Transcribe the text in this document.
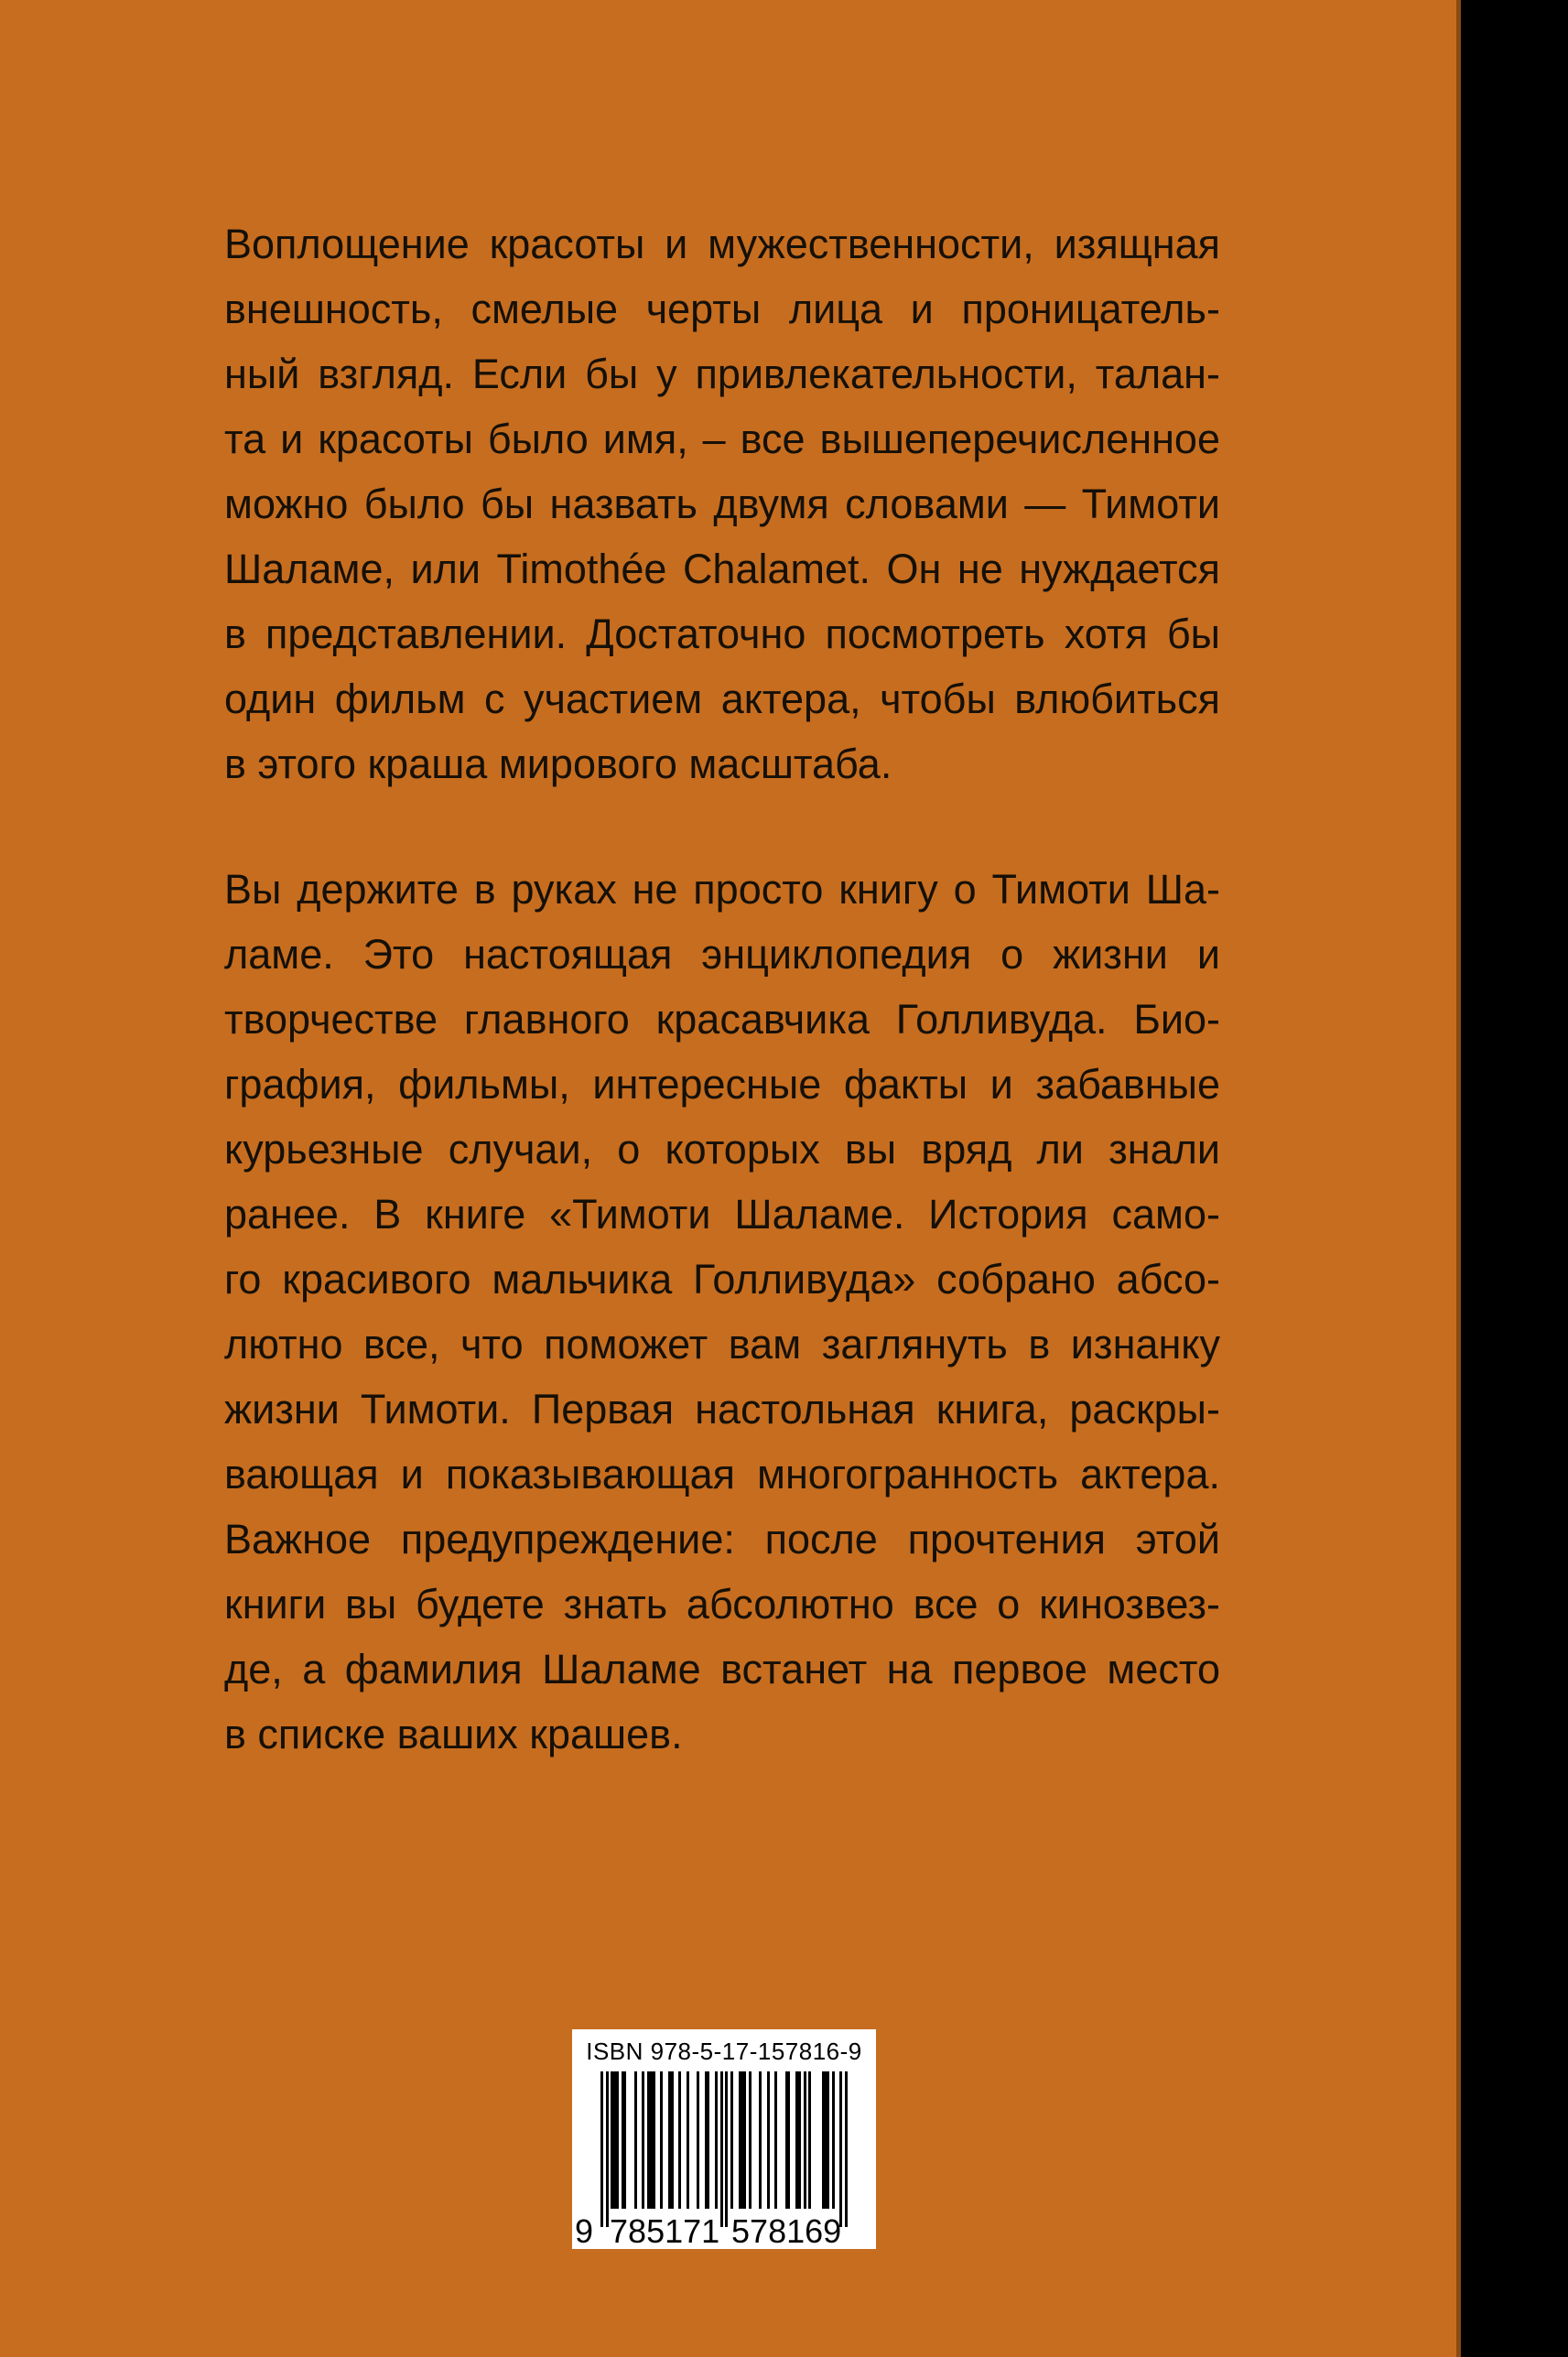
Воплощение красоты и мужественности, изящная
внешность, смелые черты лица и проницатель-
ный взгляд. Если бы у привлекательности, талан-
та и красоты было имя, – все вышеперечисленное
можно было бы назвать двумя словами — Тимоти
Шаламе, или Timothée Chalamet. Он не нуждается
в представлении. Достаточно посмотреть хотя бы
один фильм с участием актера, чтобы влюбиться
в этого краша мирового масштаба.
Вы держите в руках не просто книгу о Тимоти Ша-
ламе. Это настоящая энциклопедия о жизни и
творчестве главного красавчика Голливуда. Био-
графия, фильмы, интересные факты и забавные
курьезные случаи, о которых вы вряд ли знали
ранее. В книге «Тимоти Шаламе. История само-
го красивого мальчика Голливуда» собрано абсо-
лютно все, что поможет вам заглянуть в изнанку
жизни Тимоти. Первая настольная книга, раскры-
вающая и показывающая многогранность актера.
Важное предупреждение: после прочтения этой
книги вы будете знать абсолютно все о кинозвез-
де, а фамилия Шаламе встанет на первое место
в списке ваших крашев.
ISBN 978-5-17-157816-9
9 7 8 5 1 7 1 5 7 8 1 6 9
